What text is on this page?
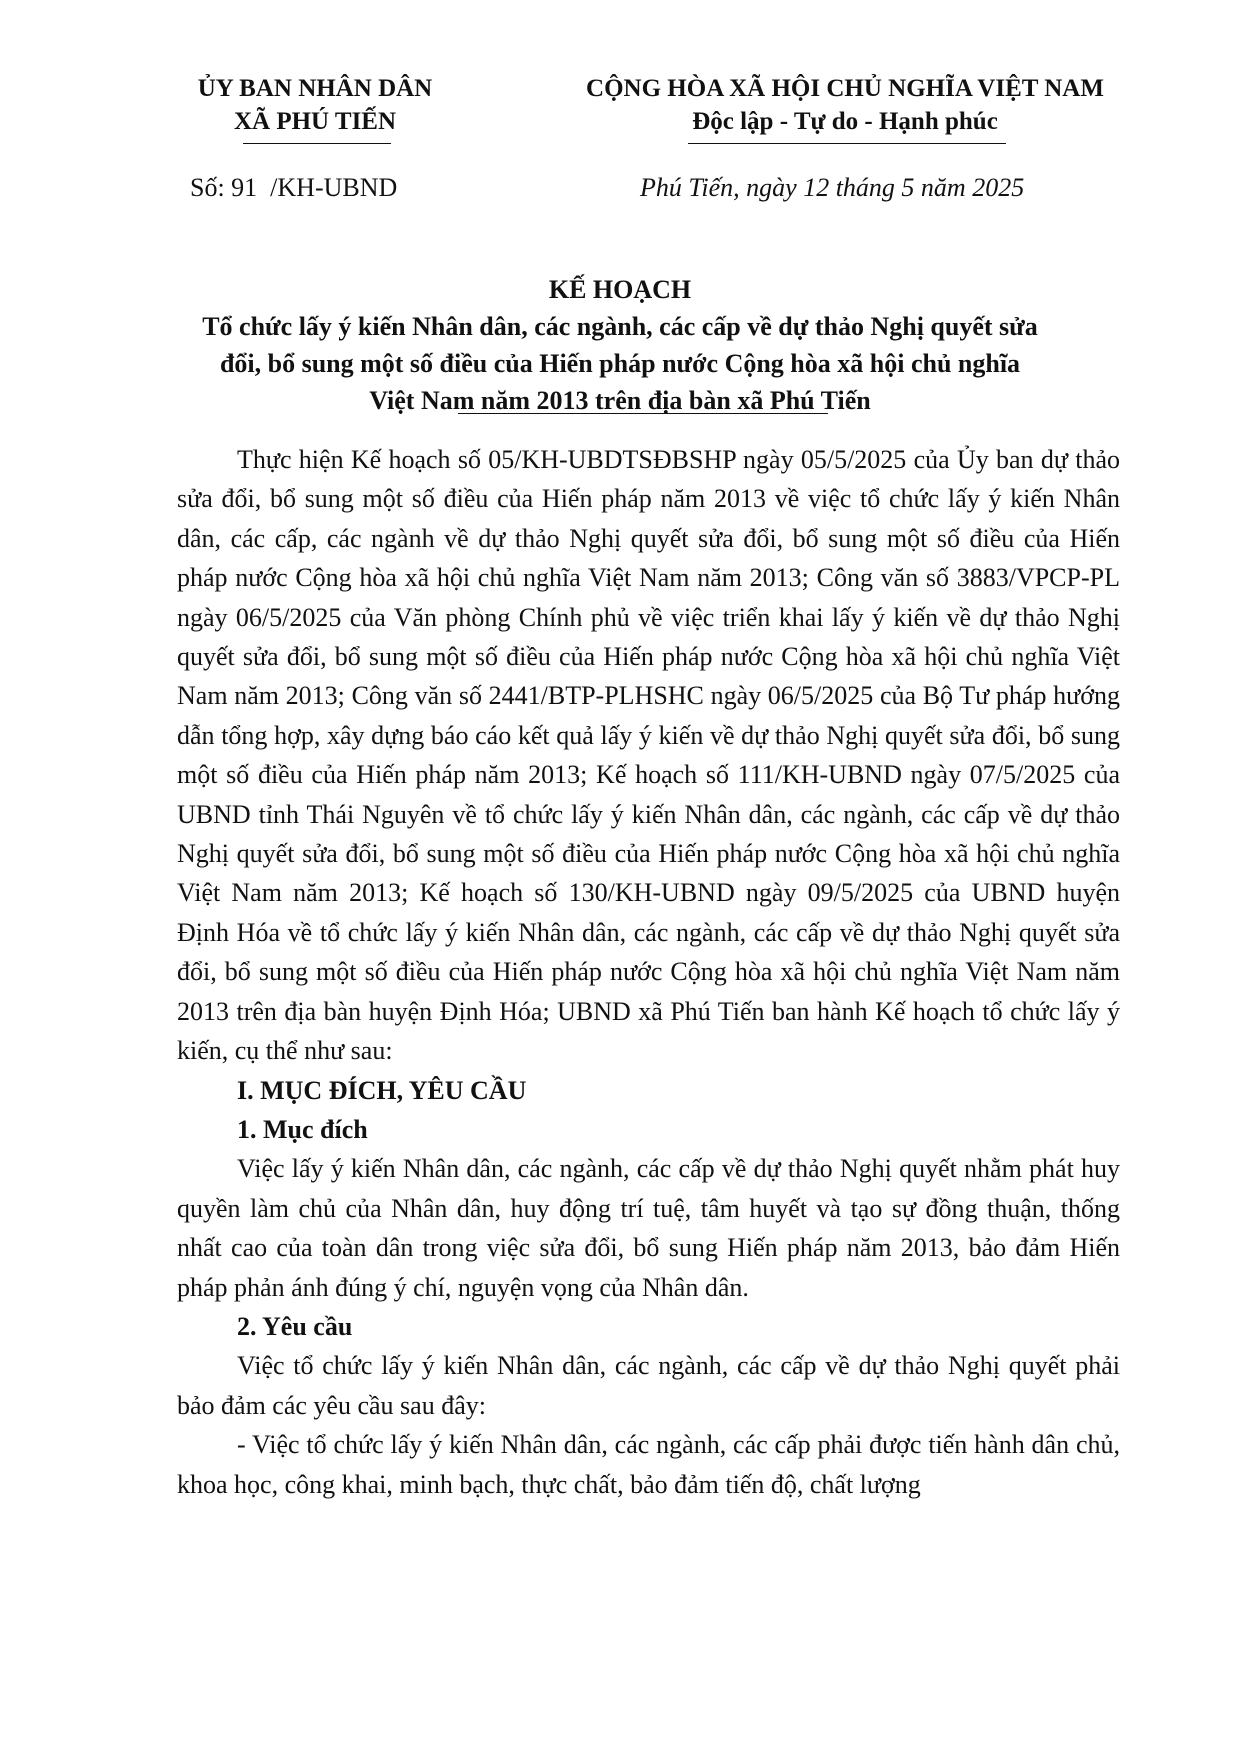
ỦY BAN NHÂN DÂN
XÃ PHÚ TIẾN
CỘNG HÒA XÃ HỘI CHỦ NGHĨA VIỆT NAM
Độc lập - Tự do - Hạnh phúc
Số: 91  /KH-UBND	Phú Tiến, ngày 12 tháng 5 năm 2025
KẾ HOẠCH
Tổ chức lấy ý kiến Nhân dân, các ngành, các cấp về dự thảo Nghị quyết sửa
đổi, bổ sung một số điều của Hiến pháp nước Cộng hòa xã hội chủ nghĩa
Việt Nam năm 2013 trên địa bàn xã Phú Tiến

Thực hiện Kế hoạch số 05/KH-UBDTSĐBSHP ngày 05/5/2025 của Ủy ban dự thảo sửa đổi, bổ sung một số điều của Hiến pháp năm 2013 về việc tổ chức lấy ý kiến Nhân dân, các cấp, các ngành về dự thảo Nghị quyết sửa đổi, bổ sung một số điều của Hiến pháp nước Cộng hòa xã hội chủ nghĩa Việt Nam năm 2013; Công văn số 3883/VPCP-PL ngày 06/5/2025 của Văn phòng Chính phủ về việc triển khai lấy ý kiến về dự thảo Nghị quyết sửa đổi, bổ sung một số điều của Hiến pháp nước Cộng hòa xã hội chủ nghĩa Việt Nam năm 2013; Công văn số 2441/BTP-PLHSHC ngày 06/5/2025 của Bộ Tư pháp hướng dẫn tổng hợp, xây dựng báo cáo kết quả lấy ý kiến về dự thảo Nghị quyết sửa đổi, bổ sung một số điều của Hiến pháp năm 2013; Kế hoạch số 111/KH-UBND ngày 07/5/2025 của UBND tỉnh Thái Nguyên về tổ chức lấy ý kiến Nhân dân, các ngành, các cấp về dự thảo Nghị quyết sửa đổi, bổ sung một số điều của Hiến pháp nước Cộng hòa xã hội chủ nghĩa Việt Nam năm 2013; Kế hoạch số 130/KH-UBND ngày 09/5/2025 của UBND huyện Định Hóa về tổ chức lấy ý kiến Nhân dân, các ngành, các cấp về dự thảo Nghị quyết sửa đổi, bổ sung một số điều của Hiến pháp nước Cộng hòa xã hội chủ nghĩa Việt Nam năm 2013 trên địa bàn huyện Định Hóa; UBND xã Phú Tiến ban hành Kế hoạch tổ chức lấy ý kiến, cụ thể như sau:

I. MỤC ĐÍCH, YÊU CẦU
1. Mục đích

Việc lấy ý kiến Nhân dân, các ngành, các cấp về dự thảo Nghị quyết nhằm phát huy quyền làm chủ của Nhân dân, huy động trí tuệ, tâm huyết và tạo sự đồng thuận, thống nhất cao của toàn dân trong việc sửa đổi, bổ sung Hiến pháp năm 2013, bảo đảm Hiến pháp phản ánh đúng ý chí, nguyện vọng của Nhân dân.

2. Yêu cầu

Việc tổ chức lấy ý kiến Nhân dân, các ngành, các cấp về dự thảo Nghị quyết phải bảo đảm các yêu cầu sau đây:

- Việc tổ chức lấy ý kiến Nhân dân, các ngành, các cấp phải được tiến hành dân chủ, khoa học, công khai, minh bạch, thực chất, bảo đảm tiến độ, chất lượng
